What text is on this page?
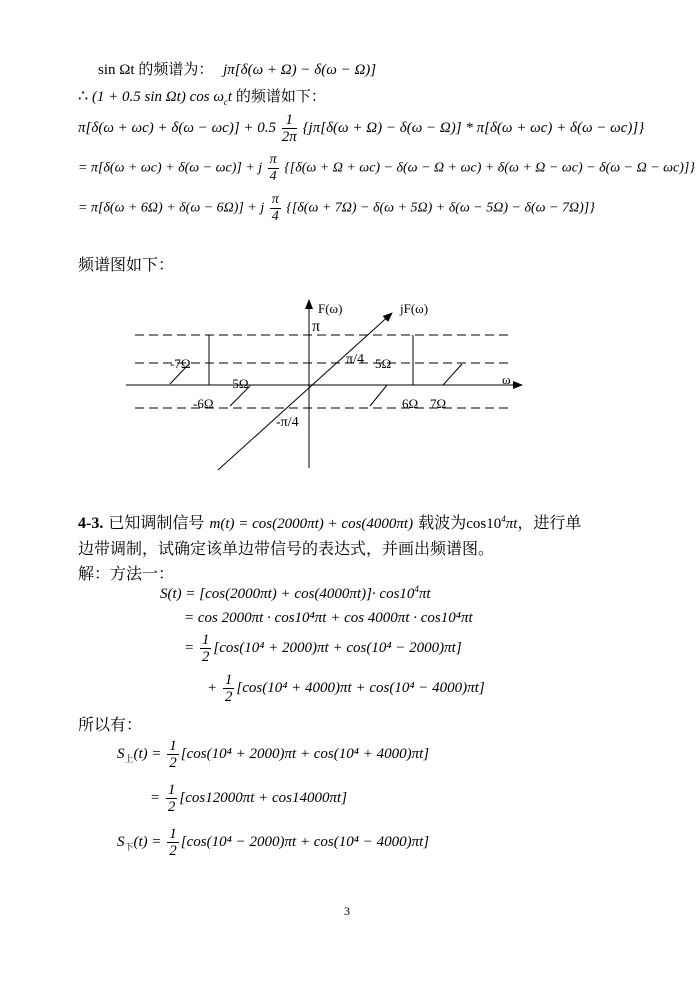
sin Ωt 的频谱为： jπ[δ(ω + Ω) − δ(ω − Ω)]
∴ (1 + 0.5 sin Ωt) $\cos \omega_ct$ 的频谱如下：
$\pi[\delta(\omega + \omega c) + \delta(\omega - \omega c)] + 0.5 \frac{1}{2\pi} \{j\pi[\delta(\omega + \Omega) - \delta(\omega - \Omega)] * \pi[\delta(\omega + \omega c) + \delta(\omega - \omega c)]\}$
= π[δ(ω + ωc) + δ(ω − ωc)] + j $\frac{\pi}{4} \{[\delta(\omega + \Omega + \omega c) - \delta(\omega - \Omega + \omega c) + \delta(\omega + \Omega - \omega c) - \delta(\omega - \Omega - \omega c)]\}$
= π[δ(ω + 6Ω) + δ(ω − 6Ω)] + j $\frac{\pi}{4} \{[\delta(\omega + 7\Omega) - \delta(\omega + 5\Omega) + \delta(\omega - 5\Omega) - \delta(\omega - 7\Omega)]\}$
频谱图如下：
F(ω)	jF(ω)
π
π/4
-π/4
ω
-7Ω
-5Ω
-6Ω
5Ω
6Ω 7Ω
4-3. 已知调制信号 m(t) = cos(2000πt) + cos(4000πt) 载波为$\cos 10^4\pi t$，进行单
边带调制，试确定该单边带信号的表达式，并画出频谱图。
解：方法一：
$S(t) = [\cos(2000\pi t) + \cos(4000\pi t)]\cdot \cos 10^4\pi t$
= cos 2000πt · cos10⁴πt + cos 4000πt · cos10⁴πt
= $\frac{1}{2} [\cos(10^4 + 2000)\pi t + \cos(10^4 - 2000)\pi t]$
+ $\frac{1}{2} [\cos(10^4 + 4000)\pi t + \cos(10^4 - 4000)\pi t]$
所以有：
$S_上(t) = \frac{1}{2} [\cos(10^4 + 2000)\pi t + \cos(10^4 + 4000)\pi t]$
= $\frac{1}{2} [\cos 12000\pi t + \cos 14000\pi t]$
$S_下(t) = \frac{1}{2} [\cos(10^4 - 2000)\pi t + \cos(10^4 - 4000)\pi t]$
3
